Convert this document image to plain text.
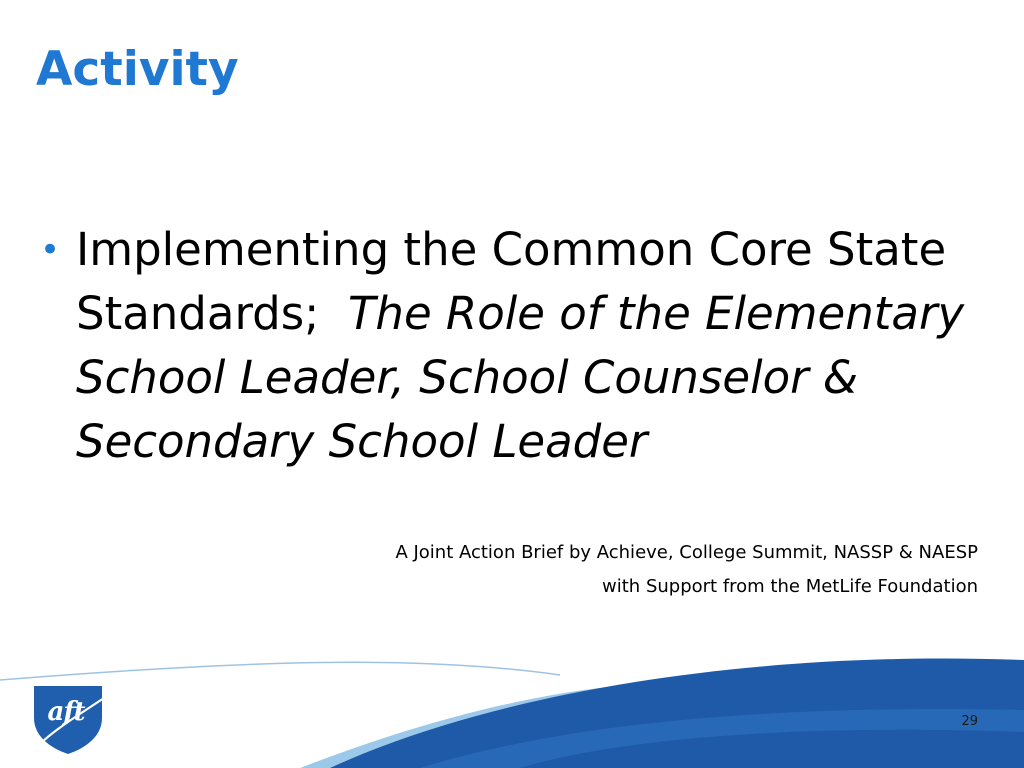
Activity
• Implementing the Common Core State Standards; The Role of the Elementary School Leader, School Counselor & Secondary School Leader
A Joint Action Brief by Achieve, College Summit, NASSP & NAESP
with Support from the MetLife Foundation
aft	29
